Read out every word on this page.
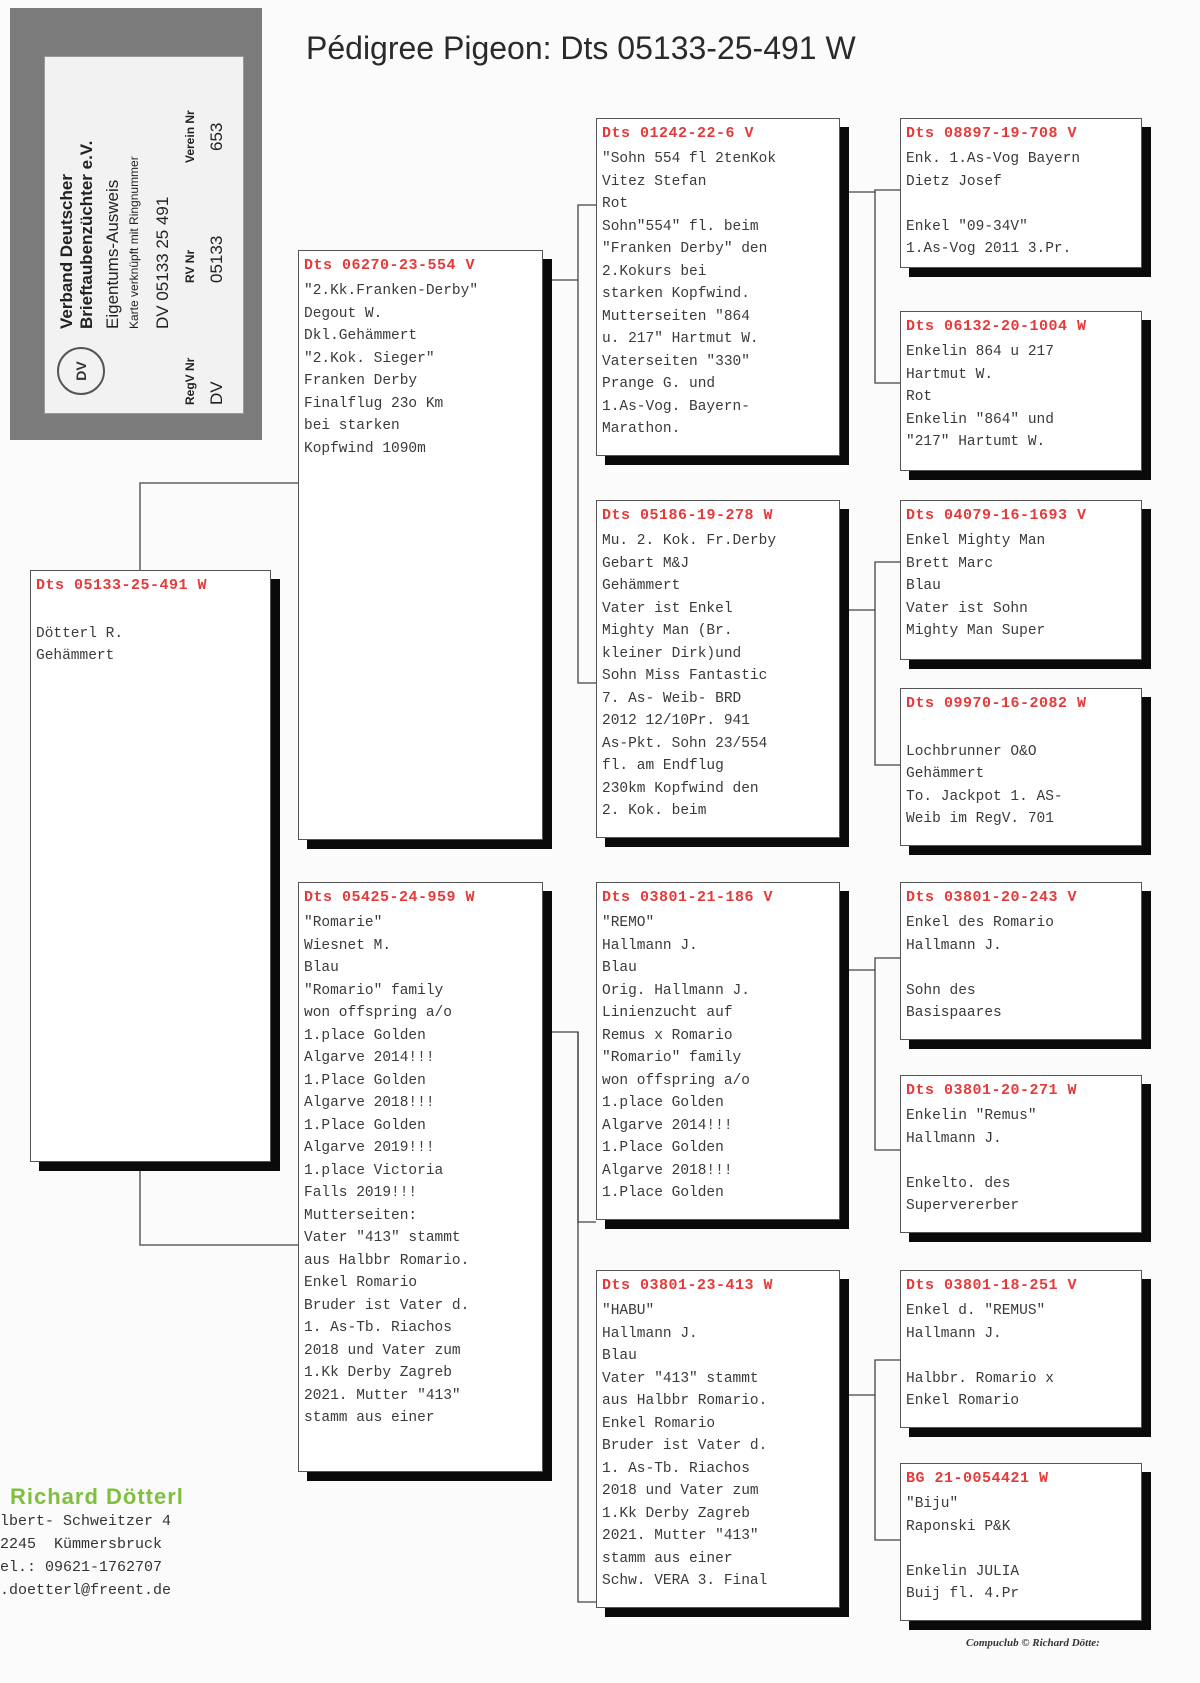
Pédigree Pigeon: Dts 05133-25-491 W
DV
Verband Deutscher Brieftaubenzüchter e.V. Eigentums-Ausweis Karte verknüpft mit Ringnummer DV 05133 25 491
RegV Nr DV
RV Nr 05133
Verein Nr 653
Dts 05133-25-491 W
Dötterl R.
Gehämmert
Dts 06270-23-554 V
"2.Kk.Franken-Derby"
Degout W.
Dkl.Gehämmert
"2.Kok. Sieger"
Franken Derby
Finalflug 23o Km
bei starken
Kopfwind 1090m
Dts 05425-24-959 W
"Romarie"
Wiesnet M.
Blau
"Romario" family
won offspring a/o
1.place Golden
Algarve 2014!!!
1.Place Golden
Algarve 2018!!!
1.Place Golden
Algarve 2019!!!
1.place Victoria
Falls 2019!!!
Mutterseiten:
Vater "413" stammt
aus Halbbr Romario.
Enkel Romario
Bruder ist Vater d.
1. As-Tb. Riachos
2018 und Vater zum
1.Kk Derby Zagreb
2021. Mutter "413"
stamm aus einer
Dts 01242-22-6 V
"Sohn 554 fl 2tenKok
Vitez Stefan
Rot
Sohn"554" fl. beim
"Franken Derby" den
2.Kokurs bei
starken Kopfwind.
Mutterseiten "864
u. 217" Hartmut W.
Vaterseiten "330"
Prange G. und
1.As-Vog. Bayern-
Marathon.
Dts 05186-19-278 W
Mu. 2. Kok. Fr.Derby
Gebart M&J
Gehämmert
Vater ist Enkel
Mighty Man (Br.
kleiner Dirk)und
Sohn Miss Fantastic
7. As- Weib- BRD
2012 12/10Pr. 941
As-Pkt. Sohn 23/554
fl. am Endflug
230km Kopfwind den
2. Kok. beim
Dts 03801-21-186 V
"REMO"
Hallmann J.
Blau
Orig. Hallmann J.
Linienzucht auf
Remus x Romario
"Romario" family
won offspring a/o
1.place Golden
Algarve 2014!!!
1.Place Golden
Algarve 2018!!!
1.Place Golden
Dts 03801-23-413 W
"HABU"
Hallmann J.
Blau
Vater "413" stammt
aus Halbbr Romario.
Enkel Romario
Bruder ist Vater d.
1. As-Tb. Riachos
2018 und Vater zum
1.Kk Derby Zagreb
2021. Mutter "413"
stamm aus einer
Schw. VERA 3. Final
Dts 08897-19-708 V
Enk. 1.As-Vog Bayern
Dietz Josef
Enkel "09-34V"
1.As-Vog 2011 3.Pr.
Dts 06132-20-1004 W
Enkelin 864 u 217
Hartmut W.
Rot
Enkelin "864" und
"217" Hartumt W.
Dts 04079-16-1693 V
Enkel Mighty Man
Brett Marc
Blau
Vater ist Sohn
Mighty Man Super
Dts 09970-16-2082 W
Lochbrunner O&O
Gehämmert
To. Jackpot 1. AS-
Weib im RegV. 701
Dts 03801-20-243 V
Enkel des Romario
Hallmann J.
Sohn des
Basispaares
Dts 03801-20-271 W
Enkelin "Remus"
Hallmann J.
Enkelto. des
Supervererber
Dts 03801-18-251 V
Enkel d. "REMUS"
Hallmann J.
Halbbr. Romario x
Enkel Romario
BG 21-0054421 W
"Biju"
Raponski P&K
Enkelin JULIA
Buij fl. 4.Pr
Richard Dötterl
lbert- Schweitzer 4
2245  Kümmersbruck
el.: 09621-1762707
.doetterl@freent.de
Compuclub © Richard Dötte:
